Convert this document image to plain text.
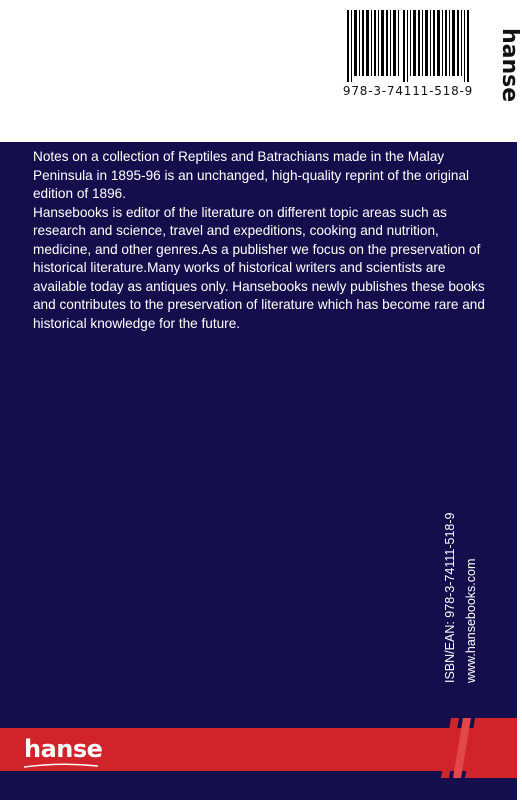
978-3-74111-518-9 hanse

Notes on a collection of Reptiles and Batrachians made in the Malay Peninsula in 1895-96 is an unchanged, high-quality reprint of the original edition of 1896.

Hansebooks is editor of the literature on different topic areas such as research and science, travel and expeditions, cooking and nutrition, medicine, and other genres.As a publisher we focus on the preservation of historical literature.Many works of historical writers and scientists are available today as antiques only. Hansebooks newly publishes these books and contributes to the preservation of literature which has become rare and historical knowledge for the future.

ISBN/EAN: 978-3-74111-518-9 www.hansebooks.com
hanse
